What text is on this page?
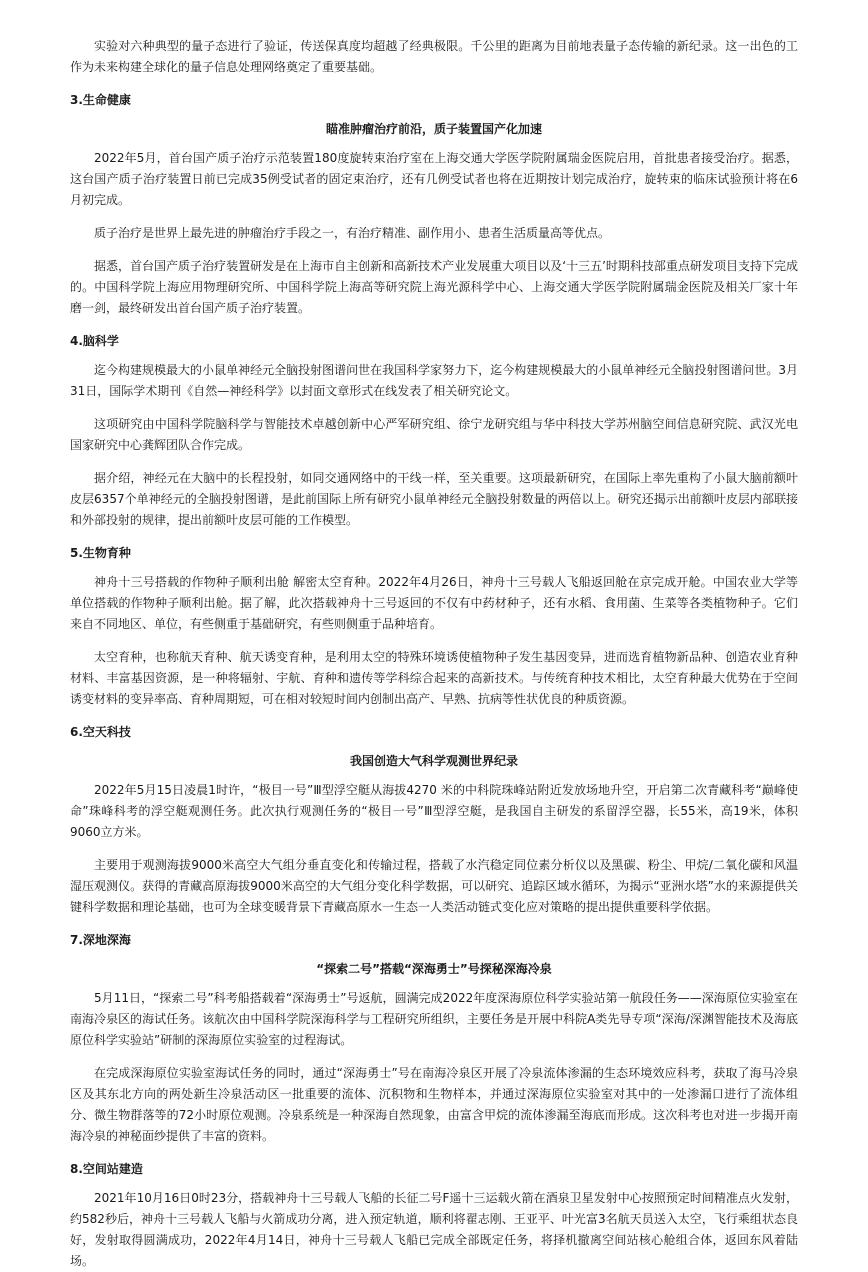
实验对六种典型的量子态进行了验证，传送保真度均超越了经典极限。千公里的距离为目前地表量子态传输的新纪录。这一出色的工作为未来构建全球化的量子信息处理网络奠定了重要基础。

3.生命健康
瞄准肿瘤治疗前沿，质子装置国产化加速

2022年5月，首台国产质子治疗示范装置180度旋转束治疗室在上海交通大学医学院附属瑞金医院启用，首批患者接受治疗。据悉，这台国产质子治疗装置日前已完成35例受试者的固定束治疗，还有几例受试者也将在近期按计划完成治疗，旋转束的临床试验预计将在6月初完成。

质子治疗是世界上最先进的肿瘤治疗手段之一，有治疗精准、副作用小、患者生活质量高等优点。

据悉，首台国产质子治疗装置研发是在上海市自主创新和高新技术产业发展重大项目以及‘十三五’时期科技部重点研发项目支持下完成的。中国科学院上海应用物理研究所、中国科学院上海高等研究院上海光源科学中心、上海交通大学医学院附属瑞金医院及相关厂家十年磨一剑，最终研发出首台国产质子治疗装置。

4.脑科学

迄今构建规模最大的小鼠单神经元全脑投射图谱问世在我国科学家努力下，迄今构建规模最大的小鼠单神经元全脑投射图谱问世。3月31日，国际学术期刊《自然—神经科学》以封面文章形式在线发表了相关研究论文。

这项研究由中国科学院脑科学与智能技术卓越创新中心严军研究组、徐宁龙研究组与华中科技大学苏州脑空间信息研究院、武汉光电国家研究中心龚辉团队合作完成。

据介绍，神经元在大脑中的长程投射，如同交通网络中的干线一样，至关重要。这项最新研究，在国际上率先重构了小鼠大脑前额叶皮层6357个单神经元的全脑投射图谱，是此前国际上所有研究小鼠单神经元全脑投射数量的两倍以上。研究还揭示出前额叶皮层内部联接和外部投射的规律，提出前额叶皮层可能的工作模型。

5.生物育种

神舟十三号搭载的作物种子顺利出舱 解密太空育种。2022年4月26日，神舟十三号载人飞船返回舱在京完成开舱。中国农业大学等单位搭载的作物种子顺利出舱。据了解，此次搭载神舟十三号返回的不仅有中药材种子，还有水稻、食用菌、生菜等各类植物种子。它们来自不同地区、单位，有些侧重于基础研究，有些则侧重于品种培育。

太空育种，也称航天育种、航天诱变育种，是利用太空的特殊环境诱使植物种子发生基因变异，进而选育植物新品种、创造农业育种材料、丰富基因资源，是一种将辐射、宇航、育种和遗传等学科综合起来的高新技术。与传统育种技术相比，太空育种最大优势在于空间诱变材料的变异率高、育种周期短，可在相对较短时间内创制出高产、早熟、抗病等性状优良的种质资源。

6.空天科技
我国创造大气科学观测世界纪录

2022年5月15日凌晨1时许，“极目一号”Ⅲ型浮空艇从海拔4270 米的中科院珠峰站附近发放场地升空，开启第二次青藏科考“巅峰使命”珠峰科考的浮空艇观测任务。此次执行观测任务的“极目一号”Ⅲ型浮空艇，是我国自主研发的系留浮空器，长55米，高19米，体积9060立方米。

主要用于观测海拔9000米高空大气组分垂直变化和传输过程，搭载了水汽稳定同位素分析仪以及黑碳、粉尘、甲烷/二氧化碳和风温湿压观测仪。获得的青藏高原海拔9000米高空的大气组分变化科学数据，可以研究、追踪区域水循环，为揭示“亚洲水塔”水的来源提供关键科学数据和理论基础，也可为全球变暖背景下青藏高原水一生态一人类活动链式变化应对策略的提出提供重要科学依据。

7.深地深海
“探索二号”搭载“深海勇士”号探秘深海冷泉

5月11日，“探索二号”科考船搭载着“深海勇士”号返航，圆满完成2022年度深海原位科学实验站第一航段任务——深海原位实验室在南海冷泉区的海试任务。该航次由中国科学院深海科学与工程研究所组织，主要任务是开展中科院A类先导专项“深海/深渊智能技术及海底原位科学实验站”研制的深海原位实验室的过程海试。

在完成深海原位实验室海试任务的同时，通过“深海勇士”号在南海冷泉区开展了冷泉流体渗漏的生态环境效应科考，获取了海马冷泉区及其东北方向的两处新生冷泉活动区一批重要的流体、沉积物和生物样本，并通过深海原位实验室对其中的一处渗漏口进行了流体组分、微生物群落等的72小时原位观测。冷泉系统是一种深海自然现象，由富含甲烷的流体渗漏至海底而形成。这次科考也对进一步揭开南海冷泉的神秘面纱提供了丰富的资料。

8.空间站建造

2021年10月16日0时23分，搭载神舟十三号载人飞船的长征二号F遥十三运载火箭在酒泉卫星发射中心按照预定时间精准点火发射，约582秒后，神舟十三号载人飞船与火箭成功分离，进入预定轨道，顺利将翟志刚、王亚平、叶光富3名航天员送入太空，飞行乘组状态良好，发射取得圆满成功，2022年4月14日，神舟十三号载人飞船已完成全部既定任务，将择机撤离空间站核心舱组合体，返回东风着陆场。
